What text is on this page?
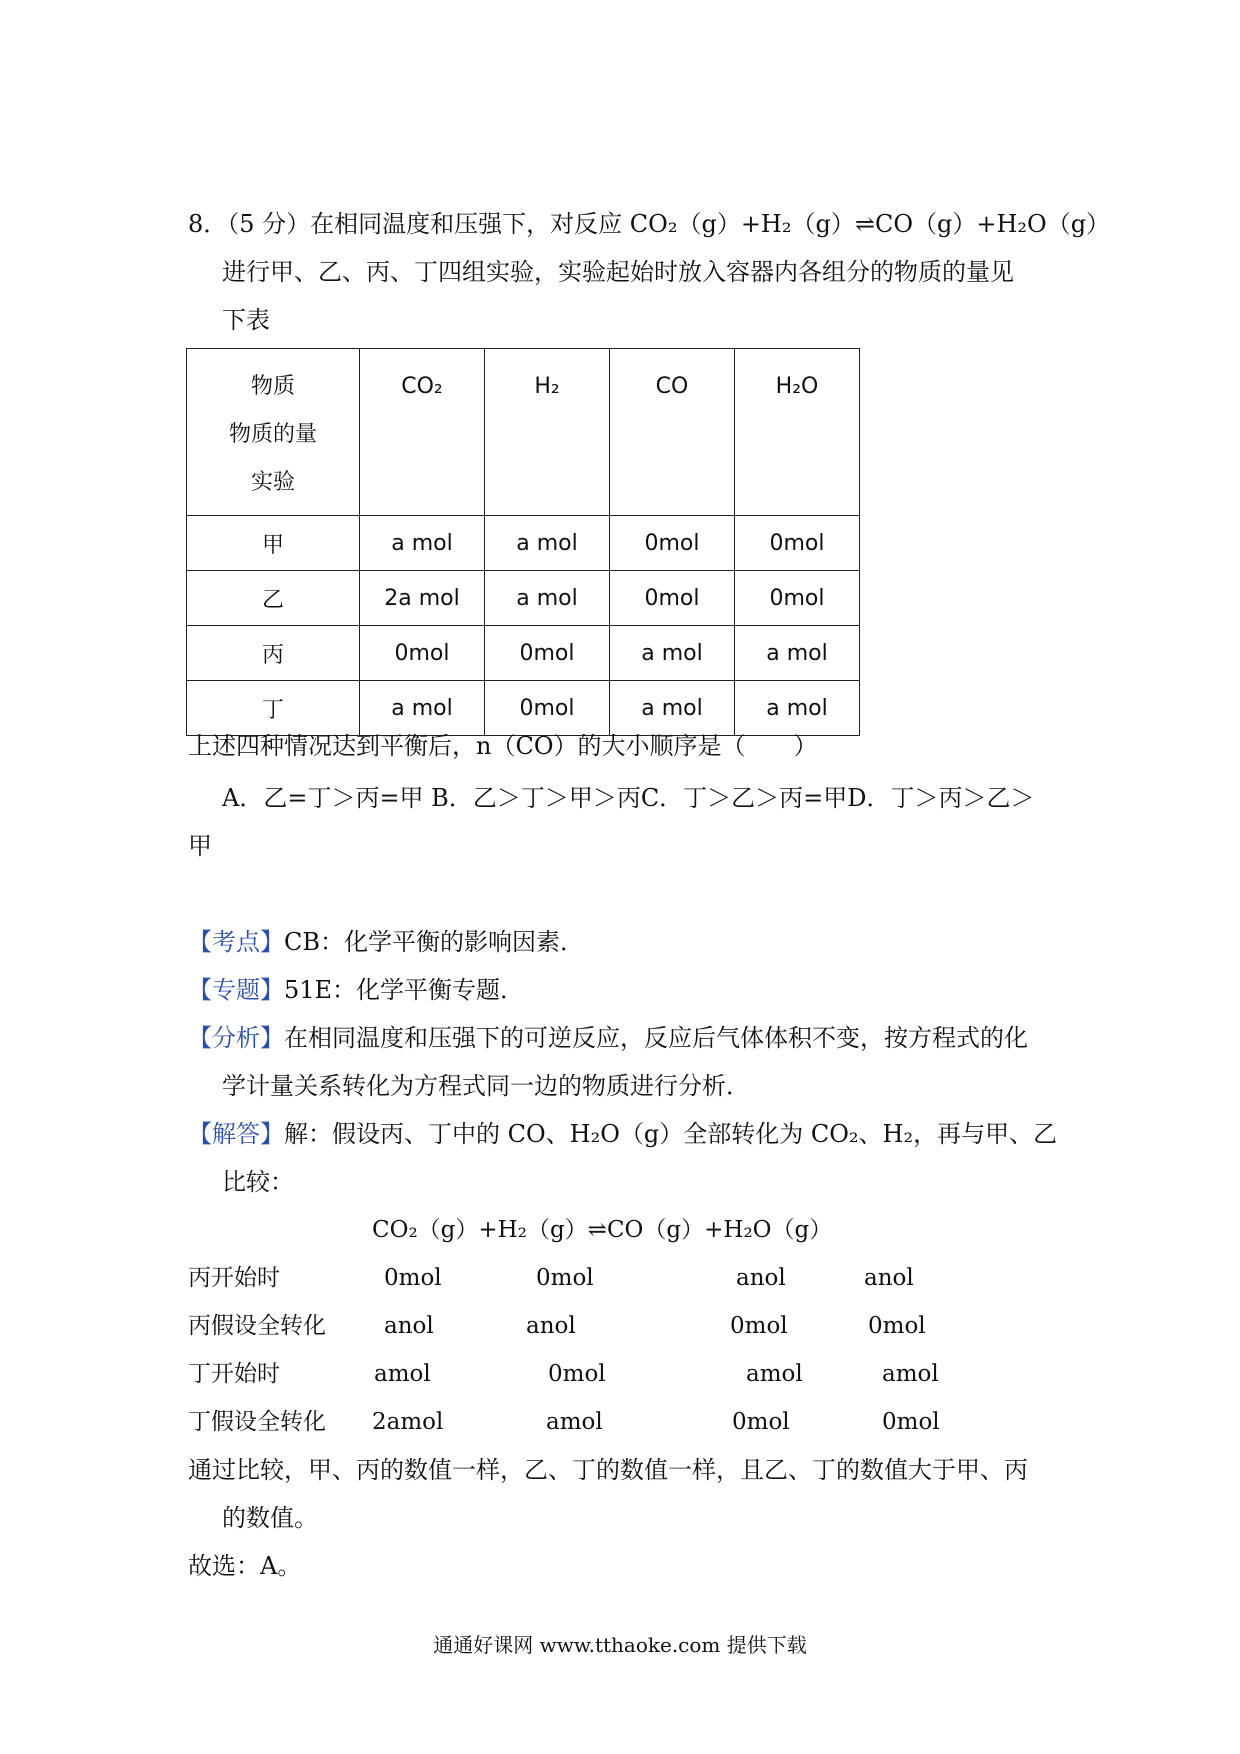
8．（5 分）在相同温度和压强下，对反应 CO₂（g）+H₂（g）⇌CO（g）+H₂O（g）
进行甲、乙、丙、丁四组实验，实验起始时放入容器内各组分的物质的量见
下表
物质
物质的量
实验	CO₂	H₂	CO	H₂O
甲	a mol	a mol	0mol	0mol
乙	2a mol	a mol	0mol	0mol
丙	0mol	0mol	a mol	a mol
丁	a mol	0mol	a mol	a mol
上述四种情况达到平衡后，n（CO）的大小顺序是（　　）
A．乙=丁＞丙=甲 B．乙＞丁＞甲＞丙C．丁＞乙＞丙=甲D．丁＞丙＞乙＞
甲
【考点】CB：化学平衡的影响因素．
【专题】51E：化学平衡专题．
【分析】在相同温度和压强下的可逆反应，反应后气体体积不变，按方程式的化
学计量关系转化为方程式同一边的物质进行分析．
【解答】解：假设丙、丁中的 CO、H₂O（g）全部转化为 CO₂、H₂，再与甲、乙
比较：
CO₂（g）+H₂（g）⇌CO（g）+H₂O（g）
丙开始时	0mol	0mol	anol	anol
丙假设全转化	anol	anol	0mol	0mol
丁开始时	amol	0mol	amol	amol
丁假设全转化 2amol	amol	0mol	0mol
通过比较，甲、丙的数值一样，乙、丁的数值一样，且乙、丁的数值大于甲、丙
的数值。
故选：A。
通通好课网 www.tthaoke.com 提供下载
